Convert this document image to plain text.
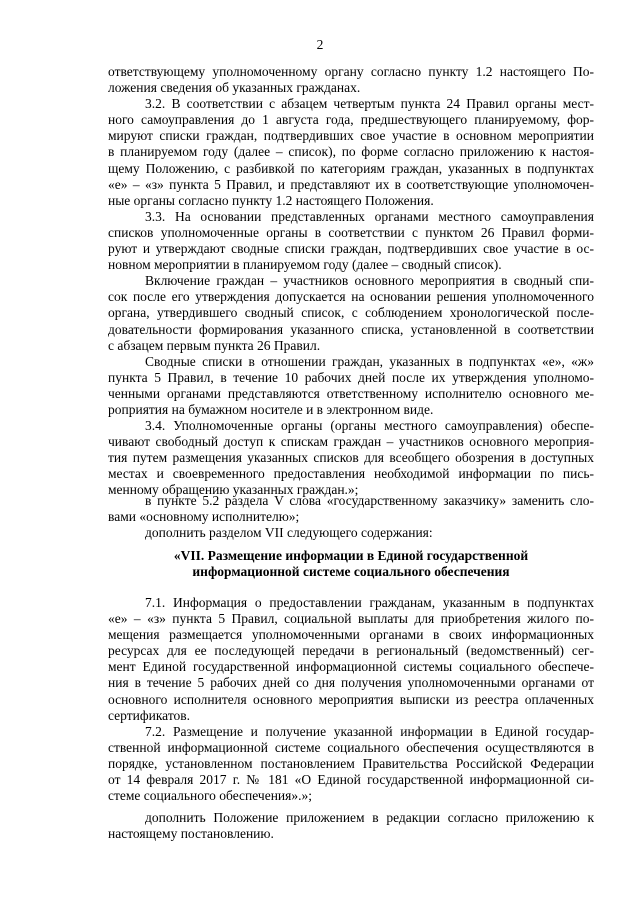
2
ответствующему уполномоченному органу согласно пункту 1.2 настоящего По-
ложения сведения об указанных гражданах.
3.2. В соответствии с абзацем четвертым пункта 24 Правил органы мест-
ного самоуправления до 1 августа года, предшествующего планируемому, фор-
мируют списки граждан, подтвердивших свое участие в основном мероприятии
в планируемом году (далее – список), по форме согласно приложению к настоя-
щему Положению, с разбивкой по категориям граждан, указанных в подпунктах
«е» – «з» пункта 5 Правил, и представляют их в соответствующие уполномочен-
ные органы согласно пункту 1.2 настоящего Положения.
3.3. На основании представленных органами местного самоуправления
списков уполномоченные органы в соответствии с пунктом 26 Правил форми-
руют и утверждают сводные списки граждан, подтвердивших свое участие в ос-
новном мероприятии в планируемом году (далее – сводный список).
Включение граждан – участников основного мероприятия в сводный спи-
сок после его утверждения допускается на основании решения уполномоченного
органа, утвердившего сводный список, с соблюдением хронологической после-
довательности формирования указанного списка, установленной в соответствии
с абзацем первым пункта 26 Правил.
Сводные списки в отношении граждан, указанных в подпунктах «е», «ж»
пункта 5 Правил, в течение 10 рабочих дней после их утверждения уполномо-
ченными органами представляются ответственному исполнителю основного ме-
роприятия на бумажном носителе и в электронном виде.
3.4. Уполномоченные органы (органы местного самоуправления) обеспе-
чивают свободный доступ к спискам граждан – участников основного мероприя-
тия путем размещения указанных списков для всеобщего обозрения в доступных
местах и своевременного предоставления необходимой информации по пись-
менному обращению указанных граждан.»;
в пункте 5.2 раздела V слова «государственному заказчику» заменить сло-
вами «основному исполнителю»;
дополнить разделом VII следующего содержания:
«VII. Размещение информации в Единой государственной
информационной системе социального обеспечения
7.1. Информация о предоставлении гражданам, указанным в подпунктах
«е» – «з» пункта 5 Правил, социальной выплаты для приобретения жилого по-
мещения размещается уполномоченными органами в своих информационных
ресурсах для ее последующей передачи в региональный (ведомственный) сег-
мент Единой государственной информационной системы социального обеспече-
ния в течение 5 рабочих дней со дня получения уполномоченными органами от
основного исполнителя основного мероприятия выписки из реестра оплаченных
сертификатов.
7.2. Размещение и получение указанной информации в Единой государ-
ственной информационной системе социального обеспечения осуществляются в
порядке, установленном постановлением Правительства Российской Федерации
от 14 февраля 2017 г. № 181 «О Единой государственной информационной си-
стеме социального обеспечения».»;
дополнить Положение приложением в редакции согласно приложению к
настоящему постановлению.
